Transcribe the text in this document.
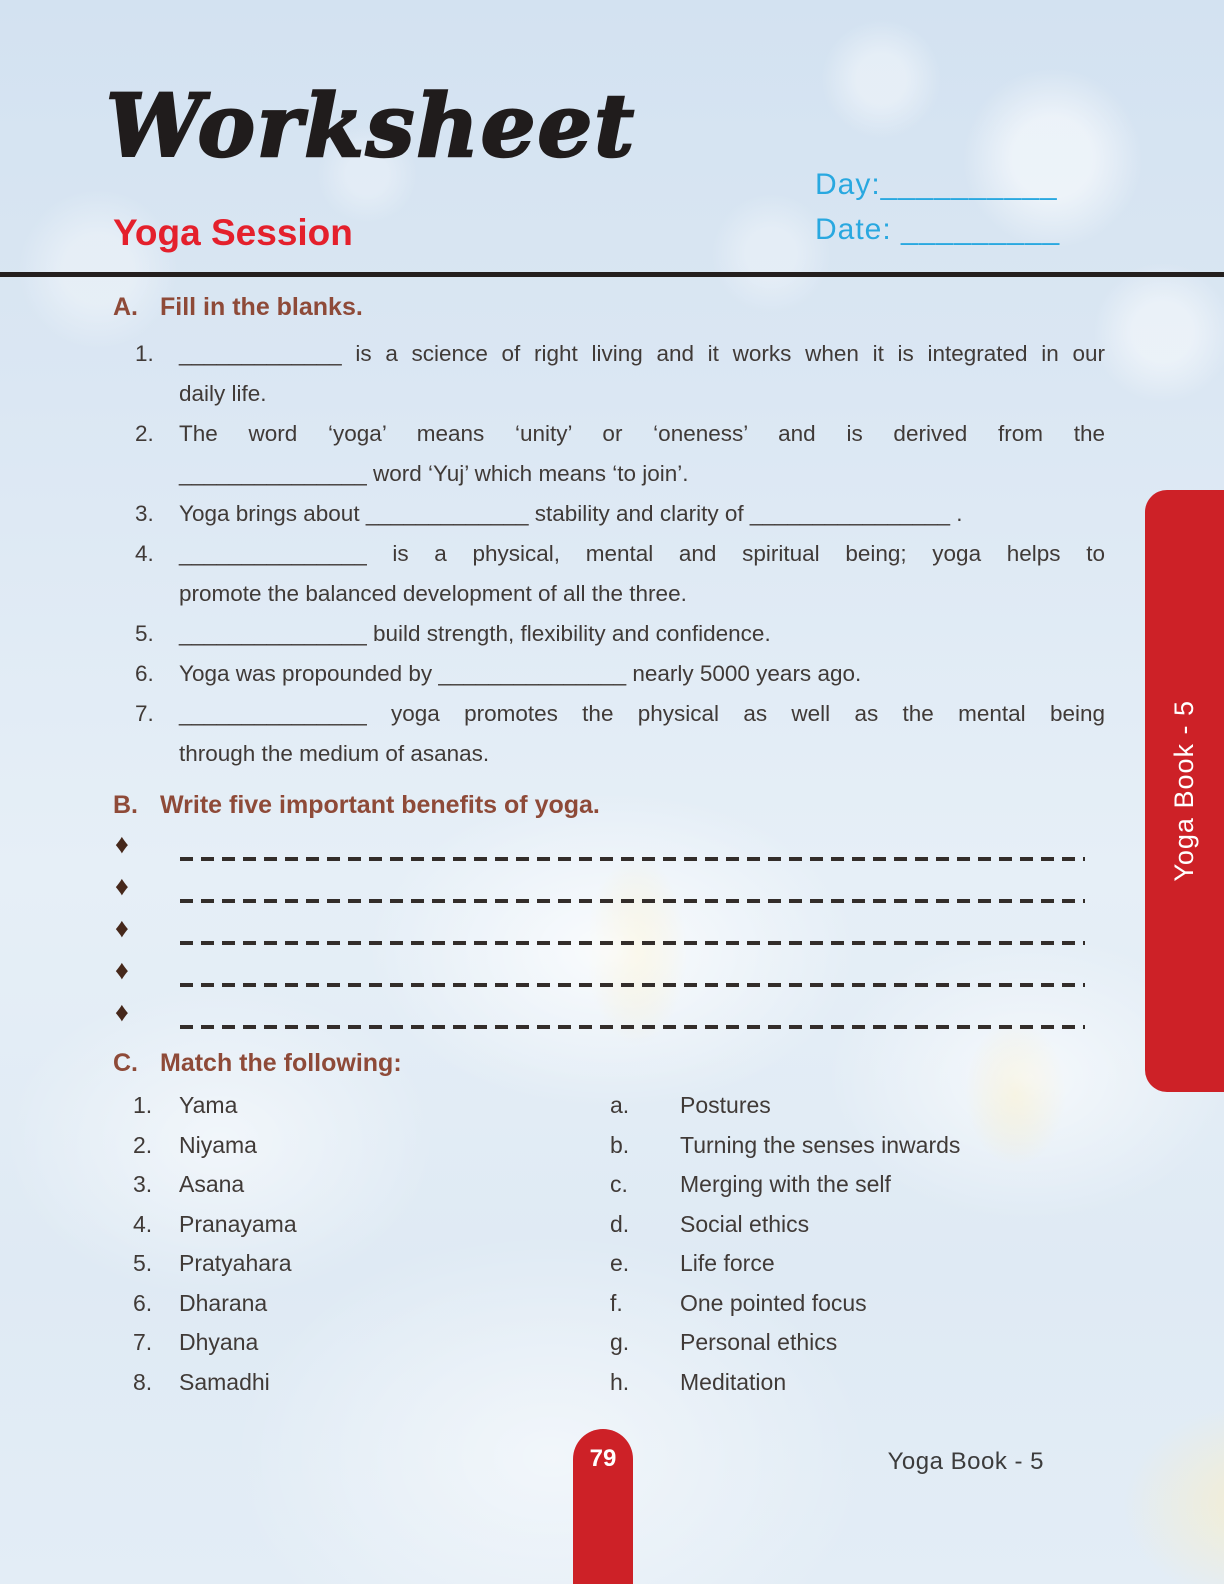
Worksheet
Yoga Session
Day:__________
Date: _________
A. Fill in the blanks.
1.	_____________ is a science of right living and it works when it is integrated in our
daily life.
2.	The word ‘yoga’ means ‘unity’ or ‘oneness’ and is derived from the
_______________ word ‘Yuj’ which means ‘to join’.
3.	Yoga brings about _____________ stability and clarity of ________________ .
4.	_______________ is a physical, mental and spiritual being; yoga helps to
promote the balanced development of all the three.
5.	_______________ build strength, flexibility and confidence.
6.	Yoga was propounded by _______________ nearly 5000 years ago.
7.	_______________ yoga promotes the physical as well as the mental being
through the medium of asanas.
B. Write five important benefits of yoga.
♦
♦
♦
♦
♦
C. Match the following:
1.	Yama	a.	Postures
2.	Niyama	b.	Turning the senses inwards
3.	Asana	c.	Merging with the self
4.	Pranayama	d.	Social ethics
5.	Pratyahara	e.	Life force
6.	Dharana	f.	One pointed focus
7.	Dhyana	g.	Personal ethics
8.	Samadhi	h.	Meditation
Yoga Book - 5
79	Yoga Book - 5
